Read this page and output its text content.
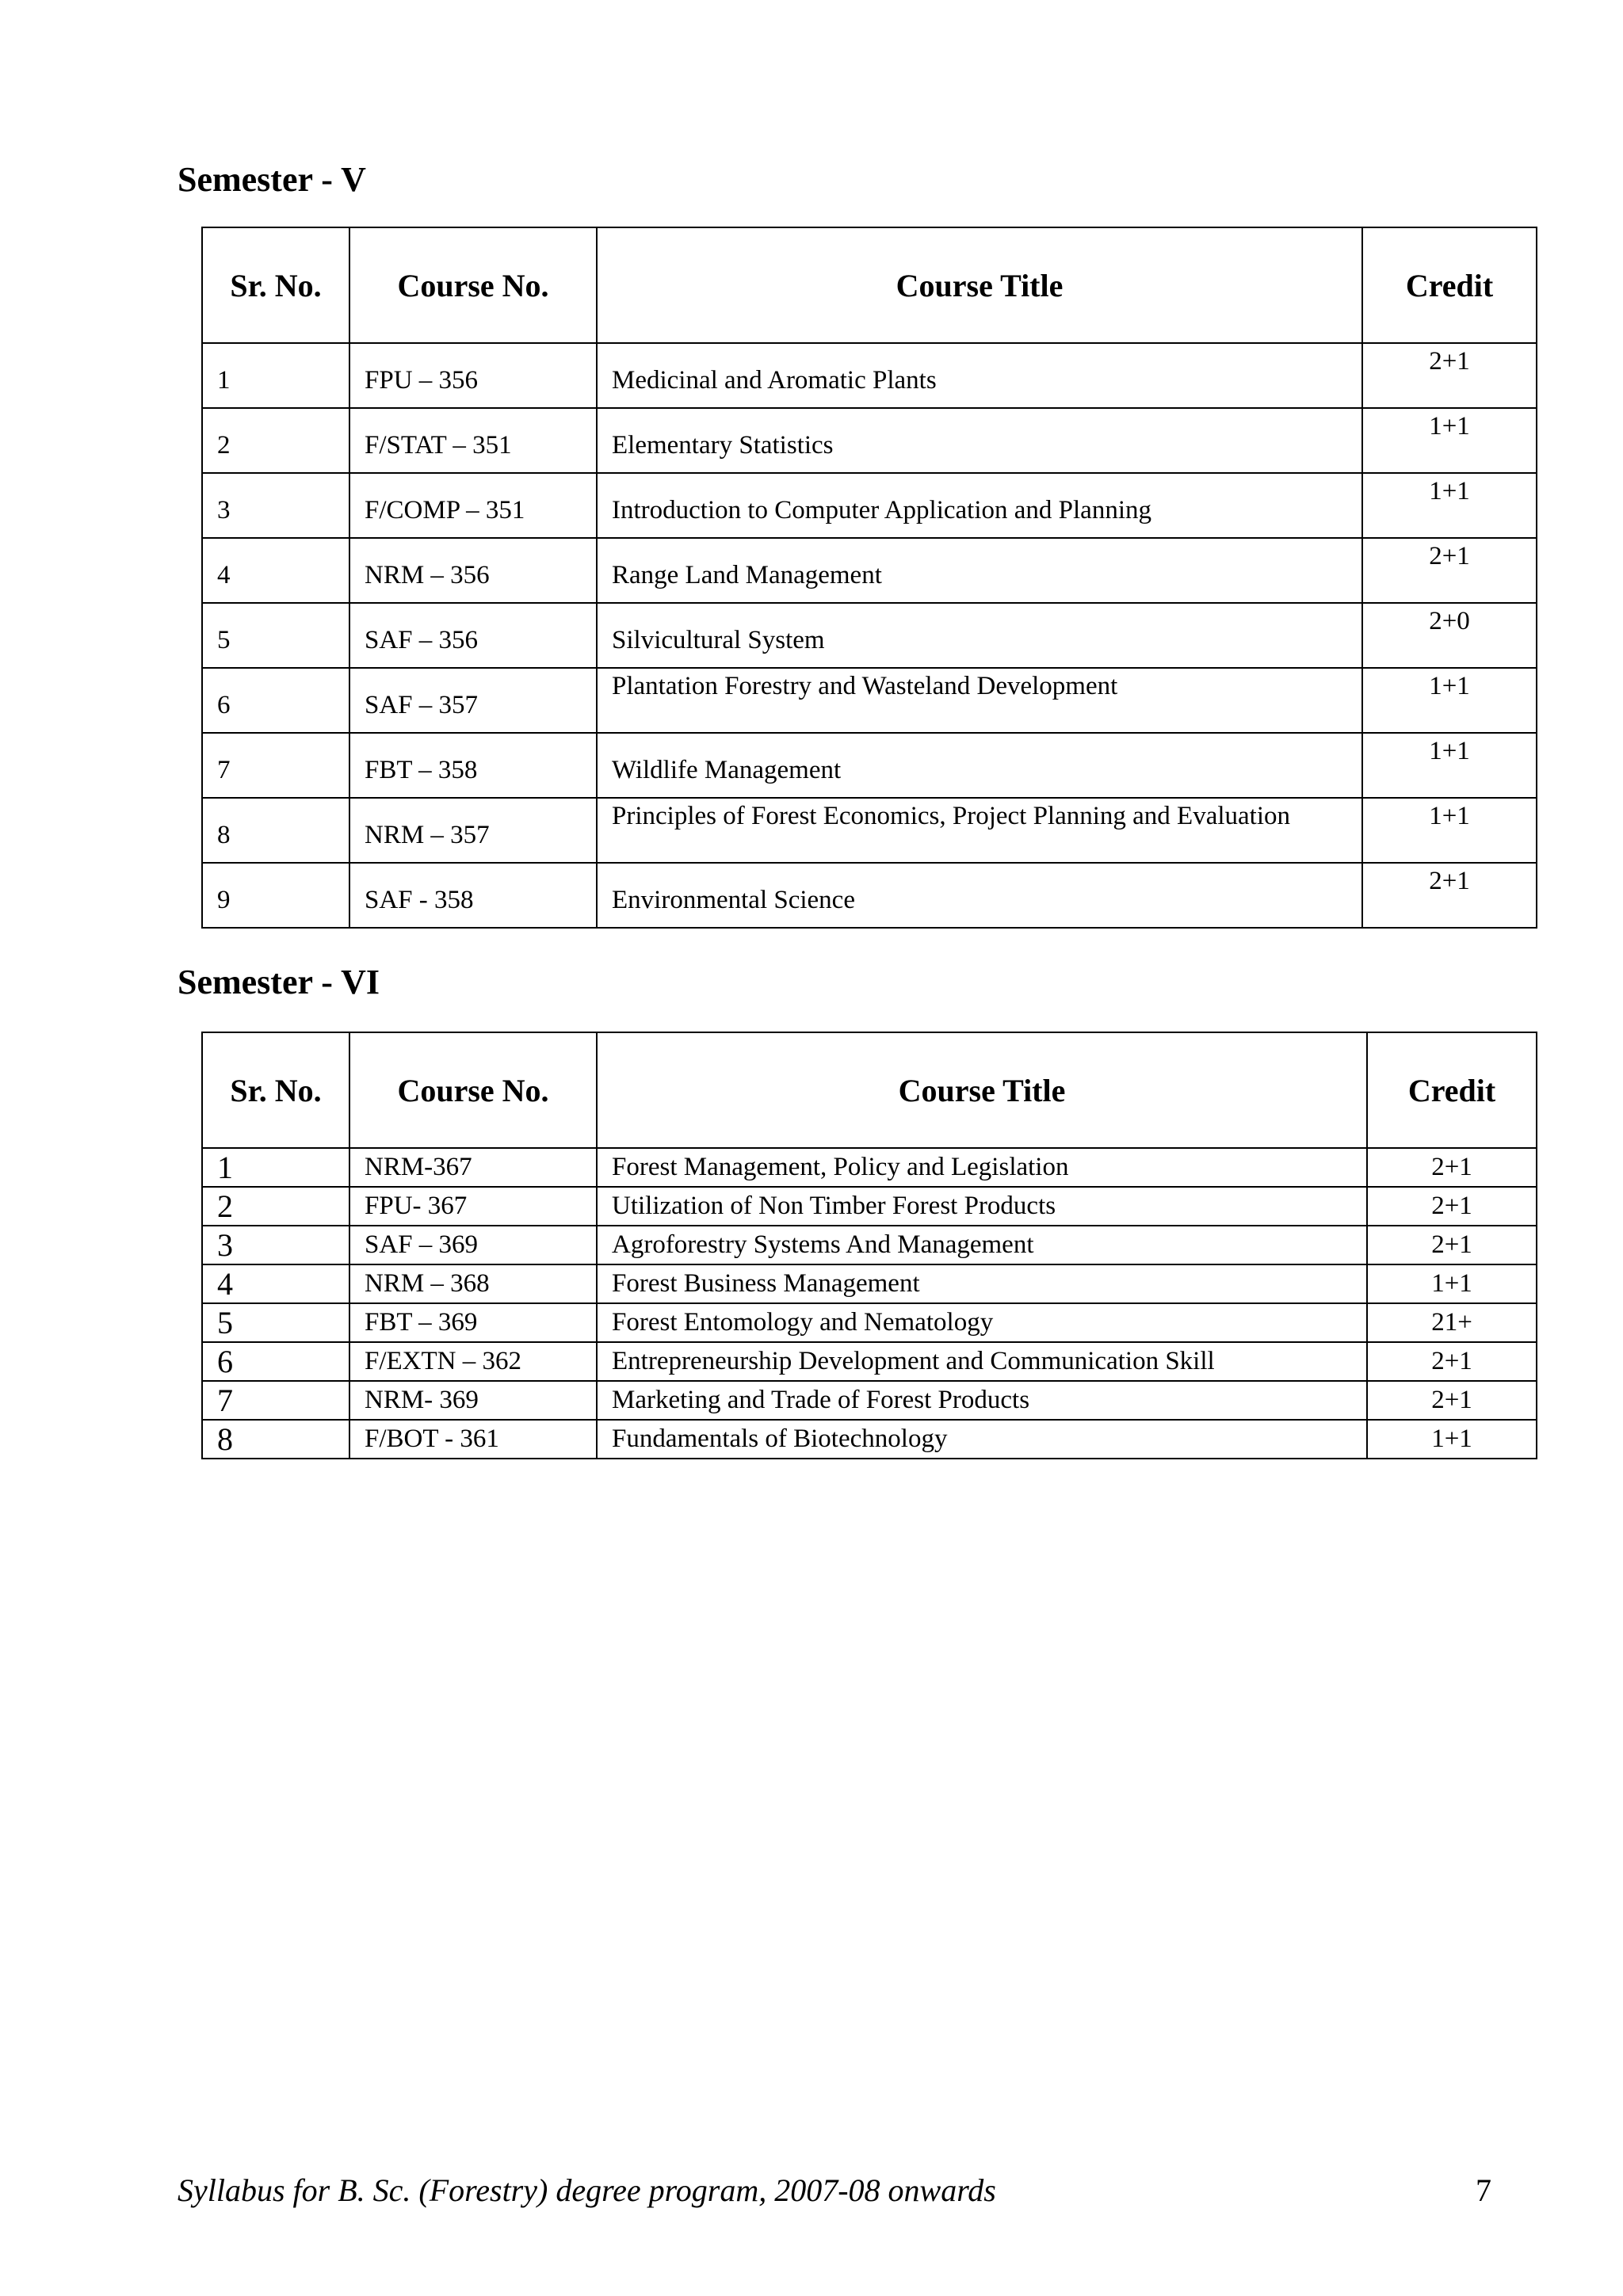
Semester - V
Sr. No.	Course No.	Course Title	Credit
1	FPU – 356	Medicinal and Aromatic Plants	2+1
2	F/STAT – 351	Elementary Statistics	1+1
3	F/COMP – 351	Introduction to Computer Application and Planning	1+1
4	NRM – 356	Range Land Management	2+1
5	SAF – 356	Silvicultural System	2+0
6	SAF – 357	Plantation Forestry and Wasteland Development	1+1
7	FBT – 358	Wildlife Management	1+1
8	NRM – 357	Principles of Forest Economics, Project Planning and Evaluation	1+1
9	SAF - 358	Environmental Science	2+1
Semester - VI
Sr. No.	Course No.	Course Title	Credit
1	NRM-367	Forest Management, Policy and Legislation	2+1
2	FPU- 367	Utilization of Non Timber Forest Products	2+1
3	SAF – 369	Agroforestry Systems And Management	2+1
4	NRM – 368	Forest Business Management	1+1
5	FBT – 369	Forest Entomology and Nematology	21+
6	F/EXTN – 362	Entrepreneurship Development and Communication Skill	2+1
7	NRM- 369	Marketing and Trade of Forest Products	2+1
8	F/BOT - 361	Fundamentals of Biotechnology	1+1
Syllabus for B. Sc. (Forestry) degree program, 2007-08 onwards	7
